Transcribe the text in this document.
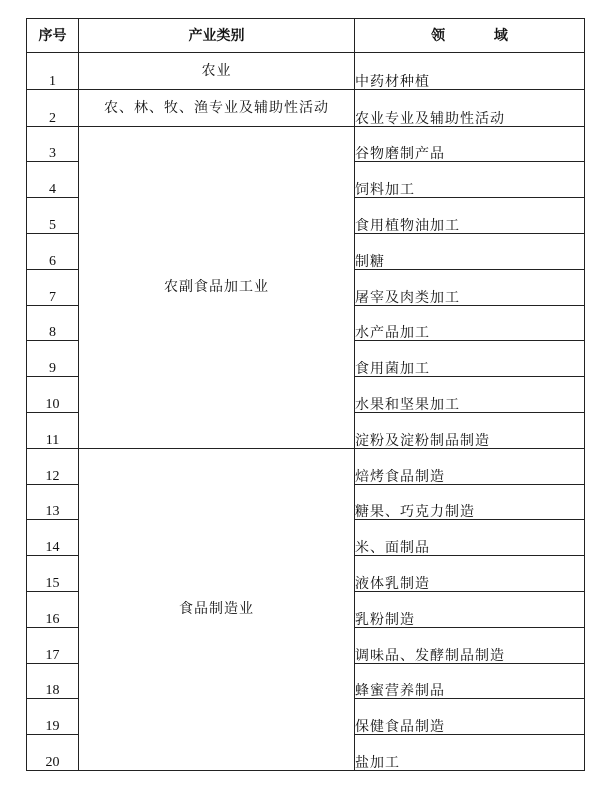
序号	产业类别	领 域
1	农业	中药材种植
2	农、林、牧、渔专业及辅助性活动	农业专业及辅助性活动
3	农副食品加工业	谷物磨制产品
4		饲料加工
5		食用植物油加工
6		制糖
7		屠宰及肉类加工
8		水产品加工
9		食用菌加工
10		水果和坚果加工
11		淀粉及淀粉制品制造
12	食品制造业	焙烤食品制造
13		糖果、巧克力制造
14		米、面制品
15		液体乳制造
16		乳粉制造
17		调味品、发酵制品制造
18		蜂蜜营养制品
19		保健食品制造
20		盐加工
